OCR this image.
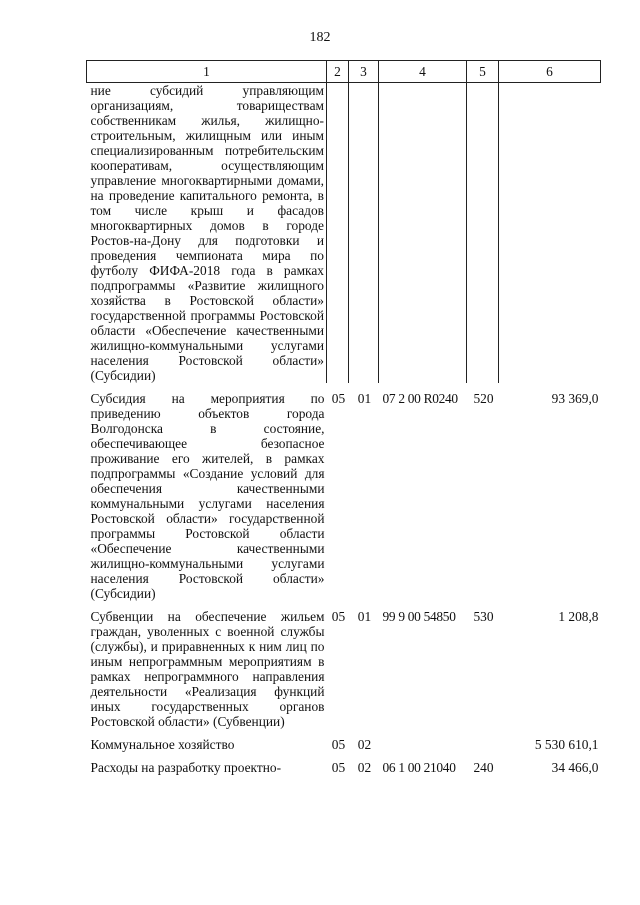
182
1	2	3	4	5	6
ние субсидий управляющим организациям, товариществам собственникам жилья, жилищно-строительным, жилищным или иным специализированным потребительским кооперативам, осуществляющим управление многоквартирными домами, на проведение капитального ремонта, в том числе крыш и фасадов многоквартирных домов в городе Ростов-на-Дону для подготовки и проведения чемпионата мира по футболу ФИФА-2018 года в рамках подпрограммы «Развитие жилищного хозяйства в Ростовской области» государственной программы Ростовской области «Обеспечение качественными жилищно-коммунальными услугами населения Ростовской области» (Субсидии)					

Субсидия на мероприятия по приведению объектов города Волгодонска в состояние, обеспечивающее безопасное проживание его жителей, в рамках подпрограммы «Создание условий для обеспечения качественными коммунальными услугами населения Ростовской области» государственной программы Ростовской области «Обеспечение качественными жилищно-коммунальными услугами населения Ростовской области» (Субсидии)	05	01	07 2 00 R0240	520	93 369,0

Субвенции на обеспечение жильем граждан, уволенных с военной службы (службы), и приравненных к ним лиц по иным непрограммным мероприятиям в рамках непрограммного направления деятельности «Реализация функций иных государственных органов Ростовской области» (Субвенции)	05	01	99 9 00 54850	530	1 208,8

Коммунальное хозяйство	05	02			5 530 610,1

Расходы на разработку проектно-	05	02	06 1 00 21040	240	34 466,0
